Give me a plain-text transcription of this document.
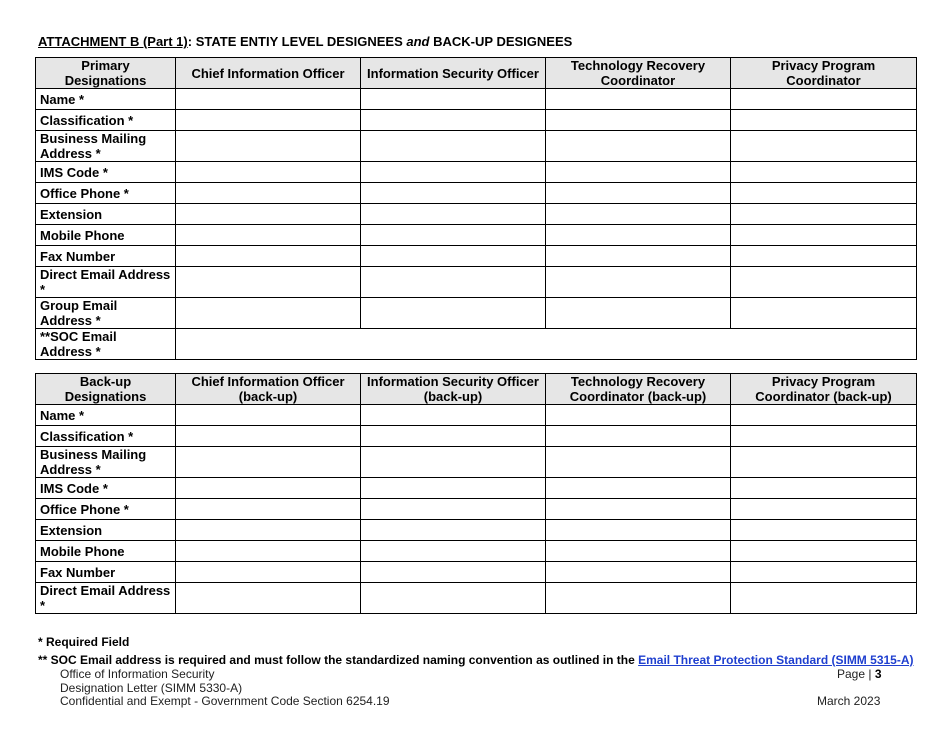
ATTACHMENT B (Part 1): STATE ENTIY LEVEL DESIGNEES and BACK-UP DESIGNEES
Primary Designations	Chief Information Officer	Information Security Officer	Technology Recovery Coordinator	Privacy Program Coordinator
Name *				
Classification *				
Business Mailing Address *				
IMS Code *				
Office Phone *				
Extension				
Mobile Phone				
Fax Number				
Direct Email Address *				
Group Email Address *				
**SOC Email Address *				
Back-up Designations	Chief Information Officer (back-up)	Information Security Officer (back-up)	Technology Recovery Coordinator (back-up)	Privacy Program Coordinator (back-up)
Name *				
Classification *				
Business Mailing Address *				
IMS Code *				
Office Phone *				
Extension				
Mobile Phone				
Fax Number				
Direct Email Address *				
* Required Field
** SOC Email address is required and must follow the standardized naming convention as outlined in the Email Threat Protection Standard (SIMM 5315-A)
Office of Information Security
Designation Letter (SIMM 5330-A)
Confidential and Exempt - Government Code Section 6254.19
Page | 3
March 2023
